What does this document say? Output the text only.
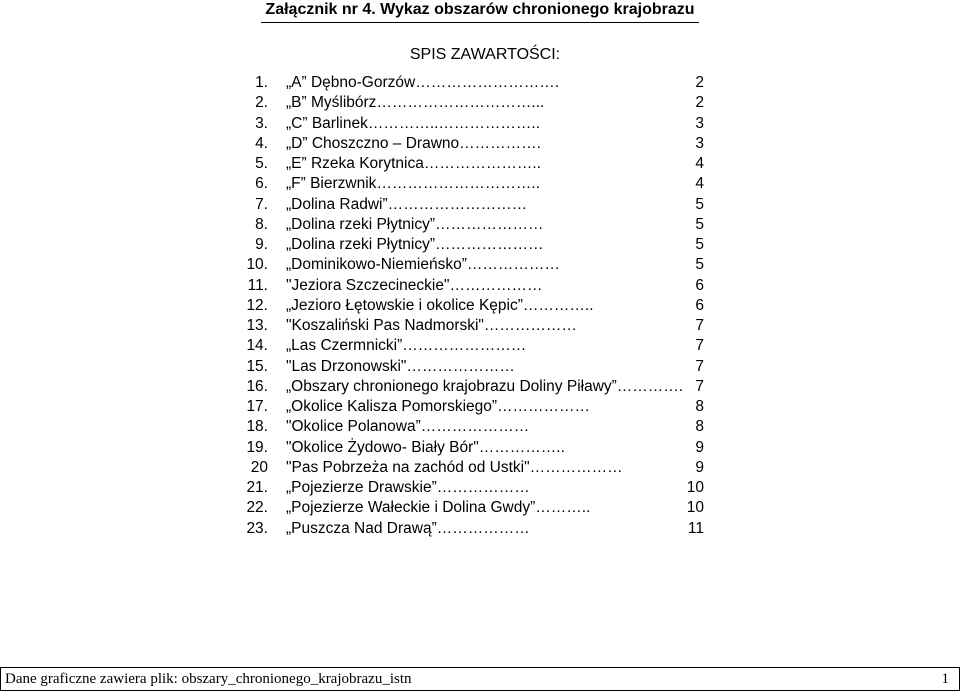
Załącznik nr 4. Wykaz obszarów chronionego krajobrazu
SPIS ZAWARTOŚCI:
1. „A” Dębno-Gorzów……………………….	2
2. „B” Myślibórz…………………………...	2
3. „C” Barlinek…………..………………..	3
4. „D” Choszczno – Drawno…………….	3
5. „E” Rzeka Korytnica…………………..	4
6. „F” Bierzwnik…………………………..	4
7. „Dolina Radwi”………………………	5
8. „Dolina rzeki Płytnicy”…………………	5
9. „Dolina rzeki Płytnicy”…………………	5
10. „Dominikowo-Niemieńsko”………………	5
11. "Jeziora Szczecineckie"………………	6
12. „Jezioro Łętowskie i okolice Kępic”…………..	6
13. "Koszaliński Pas Nadmorski"………………	7
14. „Las Czermnicki”……………………	7
15. "Las Drzonowski"…………………	7
16. „Obszary chronionego krajobrazu Doliny Piławy”…………. 7
17. „Okolice Kalisza Pomorskiego”………………	8
18. "Okolice Polanowa”…………………	8
19. "Okolice Żydowo- Biały Bór"……………..	9
20 "Pas Pobrzeża na zachód od Ustki"………………	9
21. „Pojezierze Drawskie”………………	10
22. „Pojezierze Wałeckie i Dolina Gwdy”………..	10
23. „Puszcza Nad Drawą”………………	11
Dane graficzne zawiera plik: obszary_chronionego_krajobrazu_istn	1
